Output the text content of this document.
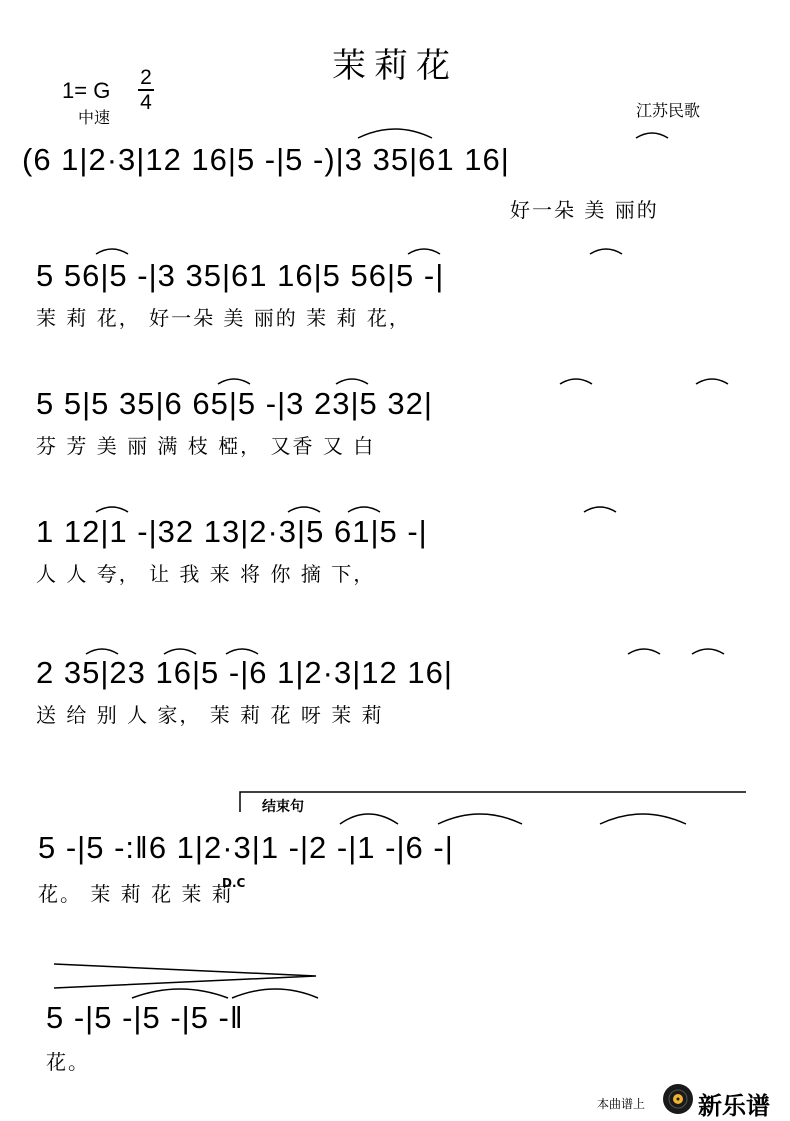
茉莉花
1= G
2
4
中速	江苏民歌
(6 1|2·3|12 16|5 -|5 -)|3 35|61 16|
好一朵 美 丽的
5 56|5 -|3 35|61 16|5 56|5 -|
茉 莉 花， 好一朵 美 丽的 茉 莉 花，
5 5|5 35|6 65|5 -|3 23|5 32|
芬 芳 美 丽 满 枝 椏， 又香 又 白
1 12|1 -|32 13|2·3|5 61|5 -|
人 人 夸， 让 我 来 将 你 摘 下，
2 35|23 16|5 -|6 1|2·3|12 16|
送 给 别 人 家， 茉 莉 花 呀 茉 莉
5 -|5 -:‖6 1|2·3|1 -|2 -|1 -|6 -|
花。 茉 莉 花 茉 莉
结束句
D.C
5 -|5 -|5 -|5 -‖
花。
本曲谱上 新乐谱
